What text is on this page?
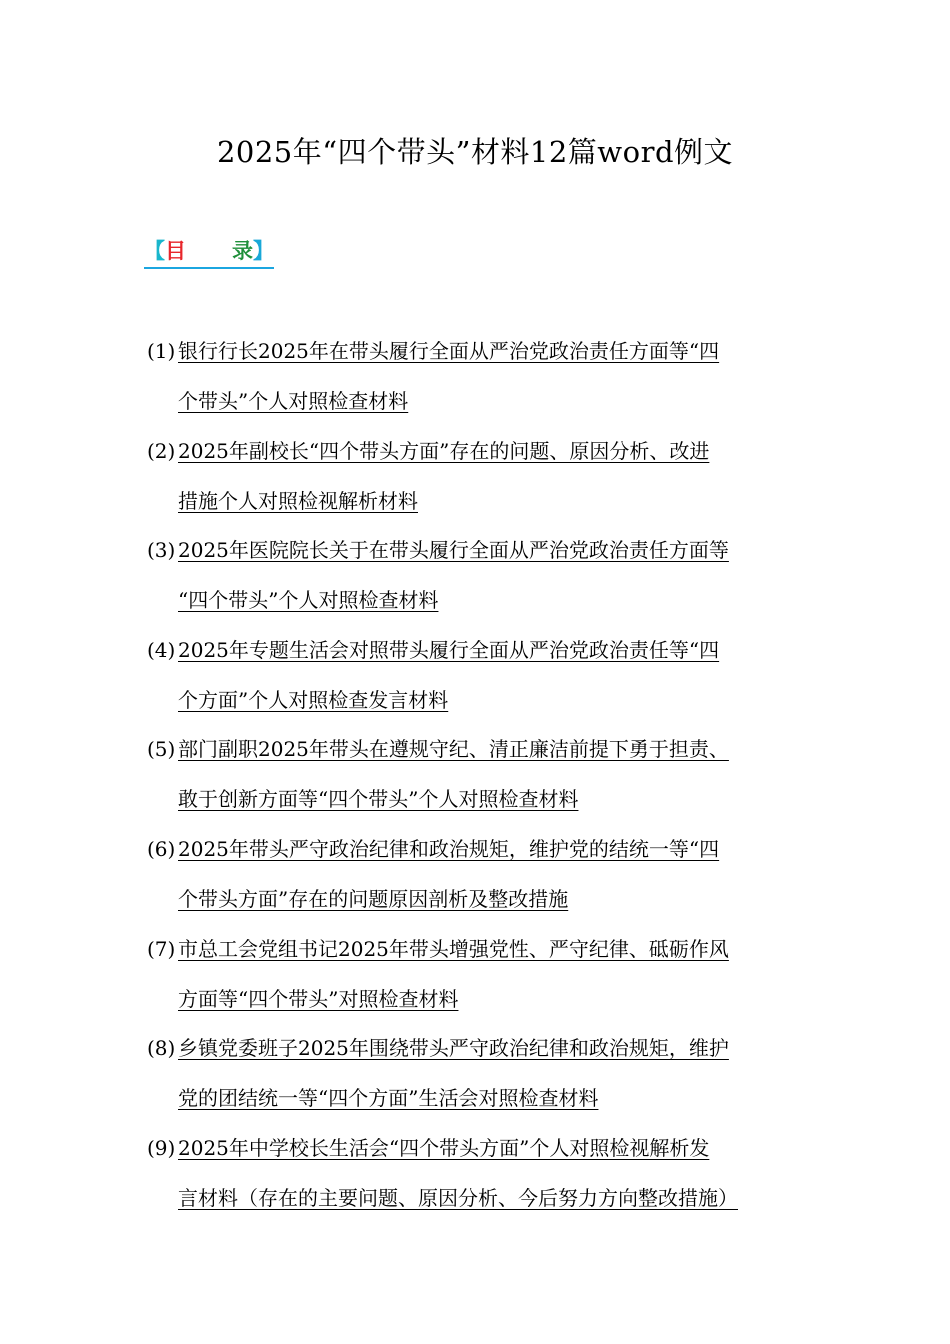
2025年“四个带头”材料12篇word例文
【目 录】
(1) 银行行长2025年在带头履行全面从严治党政治责任方面等“四
个带头”个人对照检查材料
(2) 2025年副校长“四个带头方面”存在的问题、原因分析、改进
措施个人对照检视解析材料
(3) 2025年医院院长关于在带头履行全面从严治党政治责任方面等
“四个带头”个人对照检查材料
(4) 2025年专题生活会对照带头履行全面从严治党政治责任等“四
个方面”个人对照检查发言材料
(5) 部门副职2025年带头在遵规守纪、清正廉洁前提下勇于担责、
敢于创新方面等“四个带头”个人对照检查材料
(6) 2025年带头严守政治纪律和政治规矩，维护党的结统一等“四
个带头方面”存在的问题原因剖析及整改措施
(7) 市总工会党组书记2025年带头增强党性、严守纪律、砥砺作风
方面等“四个带头”对照检查材料
(8) 乡镇党委班子2025年围绕带头严守政治纪律和政治规矩，维护
党的团结统一等“四个方面”生活会对照检查材料
(9) 2025年中学校长生活会“四个带头方面”个人对照检视解析发
言材料（存在的主要问题、原因分析、今后努力方向整改措施）
